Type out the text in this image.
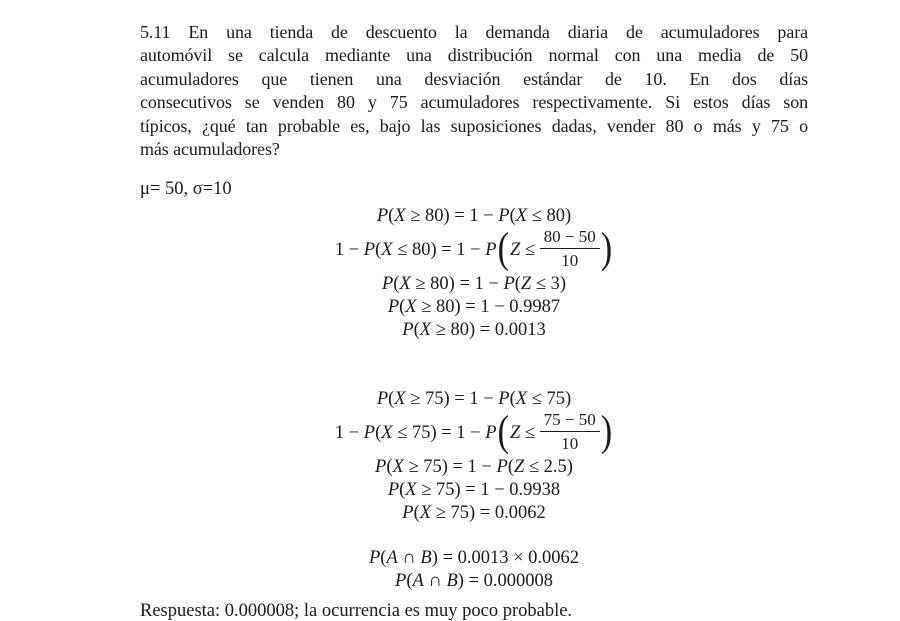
5.11 En una tienda de descuento la demanda diaria de acumuladores para
automóvil se calcula mediante una distribución normal con una media de 50
acumuladores que tienen una desviación estándar de 10. En dos días
consecutivos se venden 80 y 75 acumuladores respectivamente. Si estos días son
típicos, ¿qué tan probable es, bajo las suposiciones dadas, vender 80 o más y 75 o
más acumuladores?
μ= 50, σ=10
P(X ≥ 80) = 1 − P(X ≤ 80)
$1 - P(X \le 80) = 1 - P(Z \le \frac{80 - 50}{10}$ )
P(X ≥ 80) = 1 − P(Z ≤ 3)
P(X ≥ 80) = 1 − 0.9987
P(X ≥ 80) = 0.0013
P(X ≥ 75) = 1 − P(X ≤ 75)
$1 - P(X \le 75) = 1 - P(Z \le \frac{75 - 50}{10}$ )
P(X ≥ 75) = 1 − P(Z ≤ 2.5)
P(X ≥ 75) = 1 − 0.9938
P(X ≥ 75) = 0.0062
P(A ∩ B) = 0.0013 × 0.0062
P(A ∩ B) = 0.000008
Respuesta: 0.000008; la ocurrencia es muy poco probable.
